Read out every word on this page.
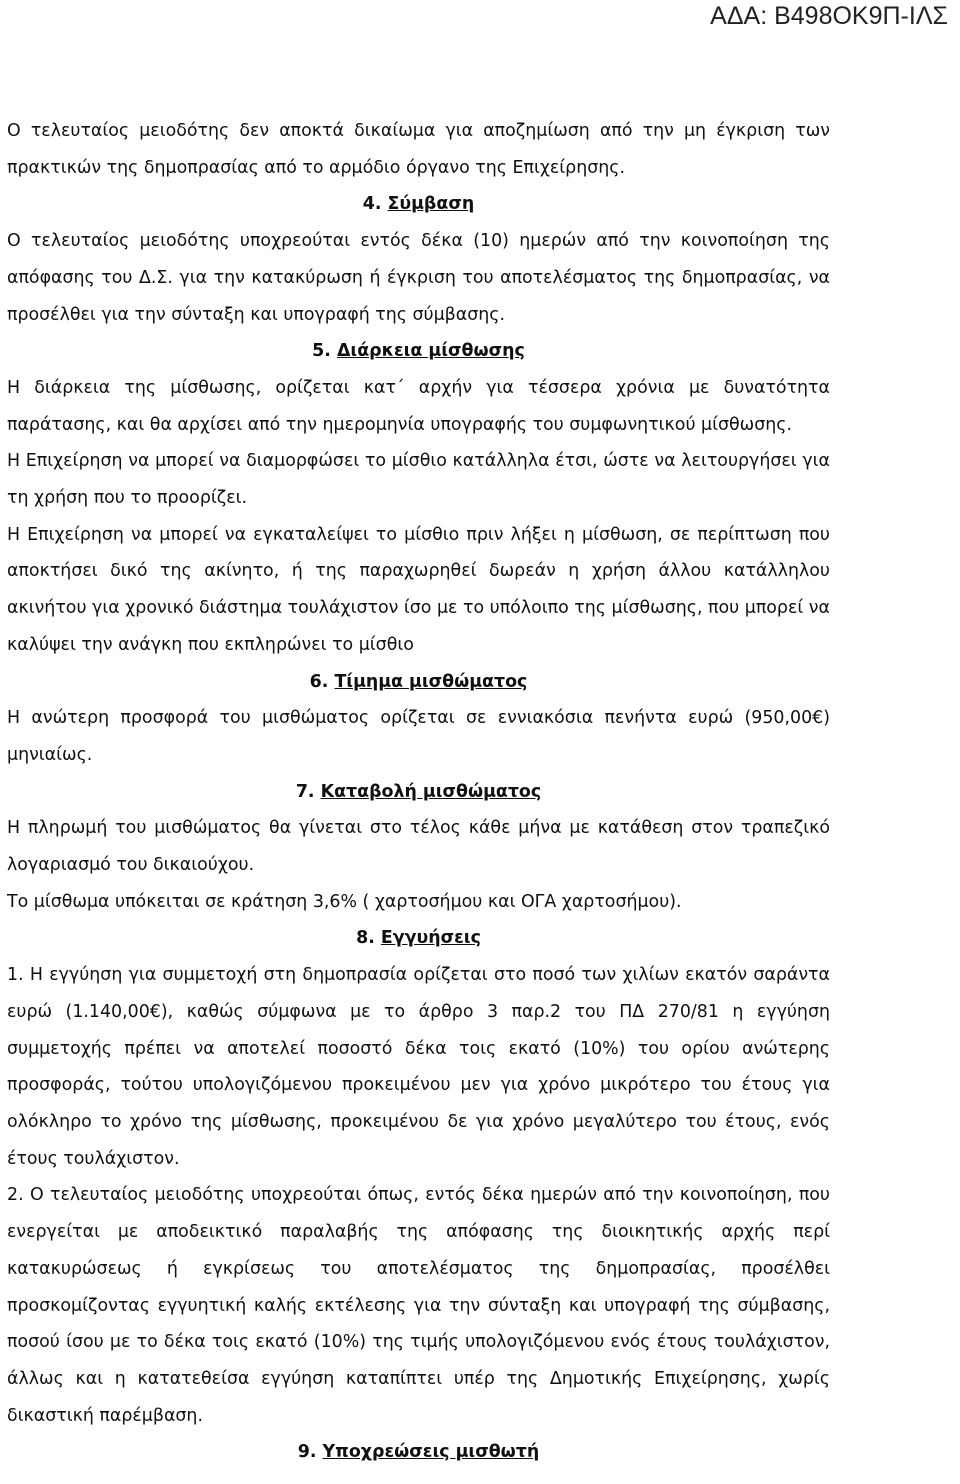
ΑΔΑ: Β498ΟΚ9Π-ΙΛΣ

Ο τελευταίος μειοδότης δεν αποκτά δικαίωμα για αποζημίωση από την μη έγκριση των πρακτικών της δημοπρασίας από το αρμόδιο όργανο της Επιχείρησης.

4. Σύμβαση

Ο τελευταίος μειοδότης υποχρεούται εντός δέκα (10) ημερών από την κοινοποίηση της απόφασης του Δ.Σ. για την κατακύρωση ή έγκριση του αποτελέσματος της δημοπρασίας, να προσέλθει για την σύνταξη και υπογραφή της σύμβασης.

5. Διάρκεια μίσθωσης

Η διάρκεια της μίσθωσης, ορίζεται κατ΄ αρχήν για τέσσερα χρόνια με δυνατότητα παράτασης, και θα αρχίσει από την ημερομηνία υπογραφής του συμφωνητικού μίσθωσης.

Η Επιχείρηση να μπορεί να διαμορφώσει το μίσθιο κατάλληλα έτσι, ώστε να λειτουργήσει για τη χρήση που το προορίζει.

Η Επιχείρηση να μπορεί να εγκαταλείψει το μίσθιο πριν λήξει η μίσθωση, σε περίπτωση που αποκτήσει δικό της ακίνητο, ή της παραχωρηθεί δωρεάν η χρήση άλλου κατάλληλου ακινήτου για χρονικό διάστημα τουλάχιστον ίσο με το υπόλοιπο της μίσθωσης, που μπορεί να καλύψει την ανάγκη που εκπληρώνει το μίσθιο

6. Τίμημα μισθώματος

Η ανώτερη προσφορά του μισθώματος ορίζεται σε εννιακόσια πενήντα ευρώ (950,00€) μηνιαίως.

7. Καταβολή μισθώματος

Η πληρωμή του μισθώματος θα γίνεται στο τέλος κάθε μήνα με κατάθεση στον τραπεζικό λογαριασμό του δικαιούχου.

Το μίσθωμα υπόκειται σε κράτηση 3,6% ( χαρτοσήμου και ΟΓΑ χαρτοσήμου).

8. Εγγυήσεις

1. Η εγγύηση για συμμετοχή στη δημοπρασία ορίζεται στο ποσό των χιλίων εκατόν σαράντα ευρώ (1.140,00€), καθώς σύμφωνα με το άρθρο 3 παρ.2 του ΠΔ 270/81 η εγγύηση συμμετοχής πρέπει να αποτελεί ποσοστό δέκα τοις εκατό (10%) του ορίου ανώτερης προσφοράς, τούτου υπολογιζόμενου προκειμένου μεν για χρόνο μικρότερο του έτους για ολόκληρο το χρόνο της μίσθωσης, προκειμένου δε για χρόνο μεγαλύτερο του έτους, ενός έτους τουλάχιστον.

2. Ο τελευταίος μειοδότης υποχρεούται όπως, εντός δέκα ημερών από την κοινοποίηση, που ενεργείται με αποδεικτικό παραλαβής της απόφασης της διοικητικής αρχής περί κατακυρώσεως ή εγκρίσεως του αποτελέσματος της δημοπρασίας, προσέλθει προσκομίζοντας εγγυητική καλής εκτέλεσης για την σύνταξη και υπογραφή της σύμβασης, ποσού ίσου με το δέκα τοις εκατό (10%) της τιμής υπολογιζόμενου ενός έτους τουλάχιστον, άλλως και η κατατεθείσα εγγύηση καταπίπτει υπέρ της Δημοτικής Επιχείρησης, χωρίς δικαστική παρέμβαση.

9. Υποχρεώσεις μισθωτή
